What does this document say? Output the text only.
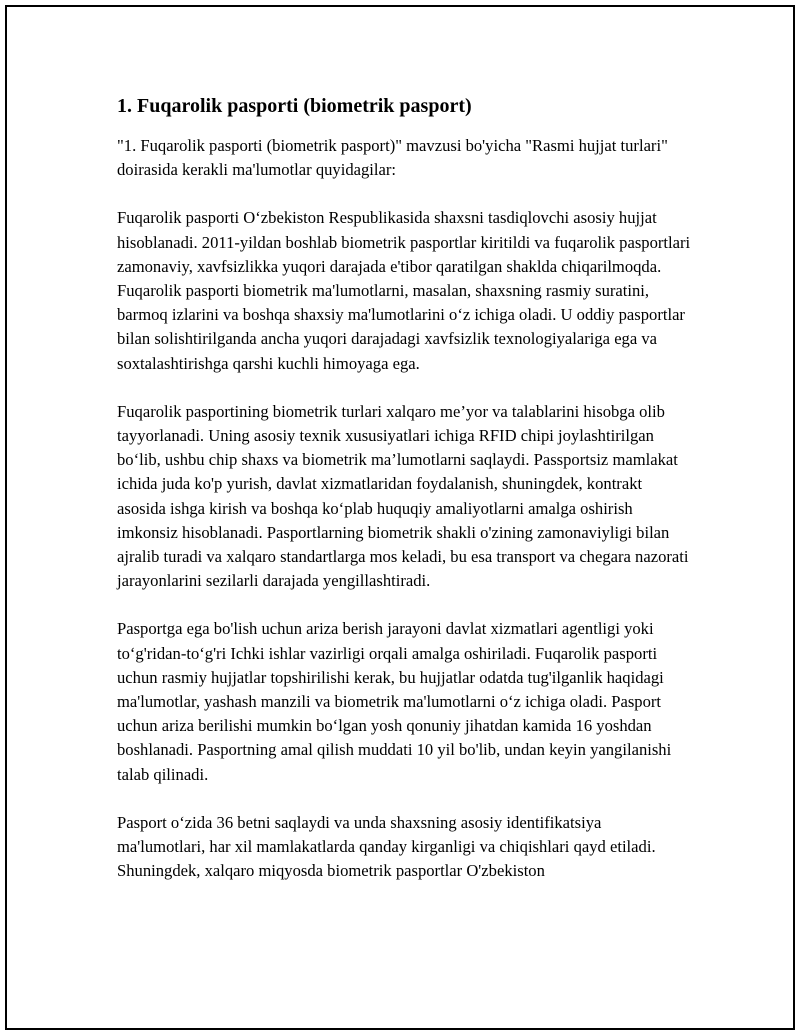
1. Fuqarolik pasporti (biometrik pasport)

"1. Fuqarolik pasporti (biometrik pasport)" mavzusi bo'yicha "Rasmi hujjat turlari" doirasida kerakli ma'lumotlar quyidagilar:

Fuqarolik pasporti O‘zbekiston Respublikasida shaxsni tasdiqlovchi asosiy hujjat hisoblanadi. 2011-yildan boshlab biometrik pasportlar kiritildi va fuqarolik pasportlari zamonaviy, xavfsizlikka yuqori darajada e'tibor qaratilgan shaklda chiqarilmoqda. Fuqarolik pasporti biometrik ma'lumotlarni, masalan, shaxsning rasmiy suratini, barmoq izlarini va boshqa shaxsiy ma'lumotlarini o‘z ichiga oladi. U oddiy pasportlar bilan solishtirilganda ancha yuqori darajadagi xavfsizlik texnologiyalariga ega va soxtalashtirishga qarshi kuchli himoyaga ega.

Fuqarolik pasportining biometrik turlari xalqaro me’yor va talablarini hisobga olib tayyorlanadi. Uning asosiy texnik xususiyatlari ichiga RFID chipi joylashtirilgan bo‘lib, ushbu chip shaxs va biometrik ma’lumotlarni saqlaydi. Passportsiz mamlakat ichida juda ko'p yurish, davlat xizmatlaridan foydalanish, shuningdek, kontrakt asosida ishga kirish va boshqa ko‘plab huquqiy amaliyotlarni amalga oshirish imkonsiz hisoblanadi. Pasportlarning biometrik shakli o'zining zamonaviyligi bilan ajralib turadi va xalqaro standartlarga mos keladi, bu esa transport va chegara nazorati jarayonlarini sezilarli darajada yengillashtiradi.

Pasportga ega bo'lish uchun ariza berish jarayoni davlat xizmatlari agentligi yoki to‘g'ridan-to‘g'ri Ichki ishlar vazirligi orqali amalga oshiriladi. Fuqarolik pasporti uchun rasmiy hujjatlar topshirilishi kerak, bu hujjatlar odatda tug'ilganlik haqidagi ma'lumotlar, yashash manzili va biometrik ma'lumotlarni o‘z ichiga oladi. Pasport uchun ariza berilishi mumkin bo‘lgan yosh qonuniy jihatdan kamida 16 yoshdan boshlanadi. Pasportning amal qilish muddati 10 yil bo'lib, undan keyin yangilanishi talab qilinadi.

Pasport o‘zida 36 betni saqlaydi va unda shaxsning asosiy identifikatsiya ma'lumotlari, har xil mamlakatlarda qanday kirganligi va chiqishlari qayd etiladi. Shuningdek, xalqaro miqyosda biometrik pasportlar O'zbekiston
